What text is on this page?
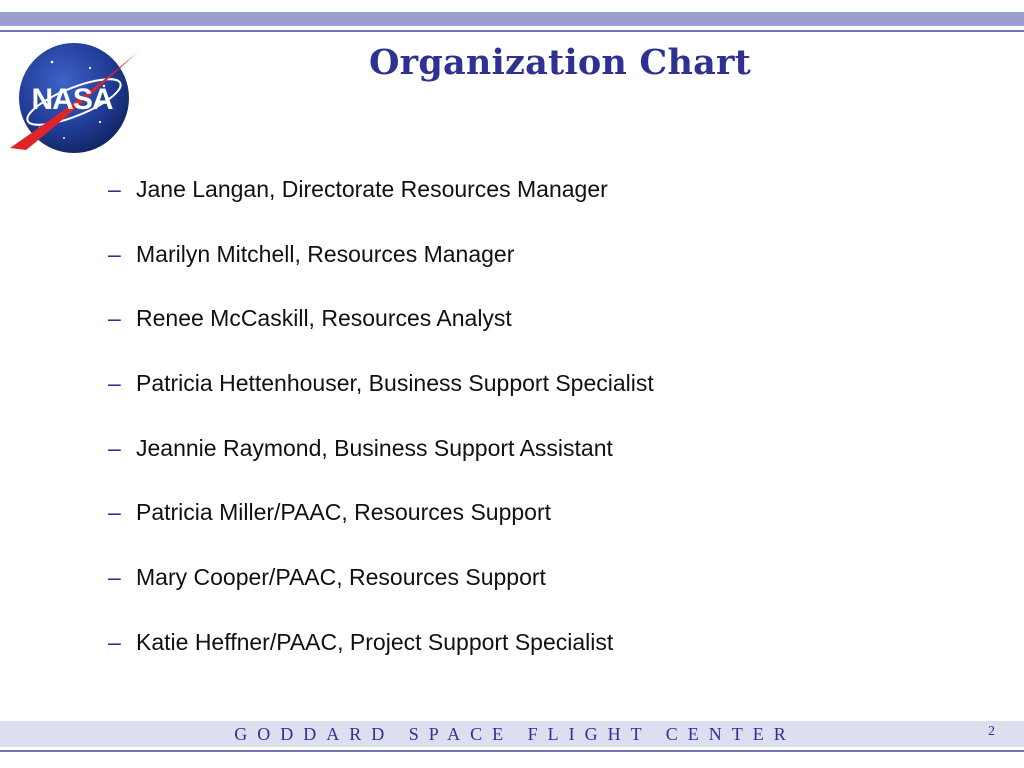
NASA
Organization Chart
– Jane Langan, Directorate Resources Manager
– Marilyn Mitchell, Resources Manager
– Renee McCaskill, Resources Analyst
– Patricia Hettenhouser, Business Support Specialist
– Jeannie Raymond, Business Support Assistant
– Patricia Miller/PAAC, Resources Support
– Mary Cooper/PAAC, Resources Support
– Katie Heffner/PAAC, Project Support Specialist
GODDARD SPACE FLIGHT CENTER	2
